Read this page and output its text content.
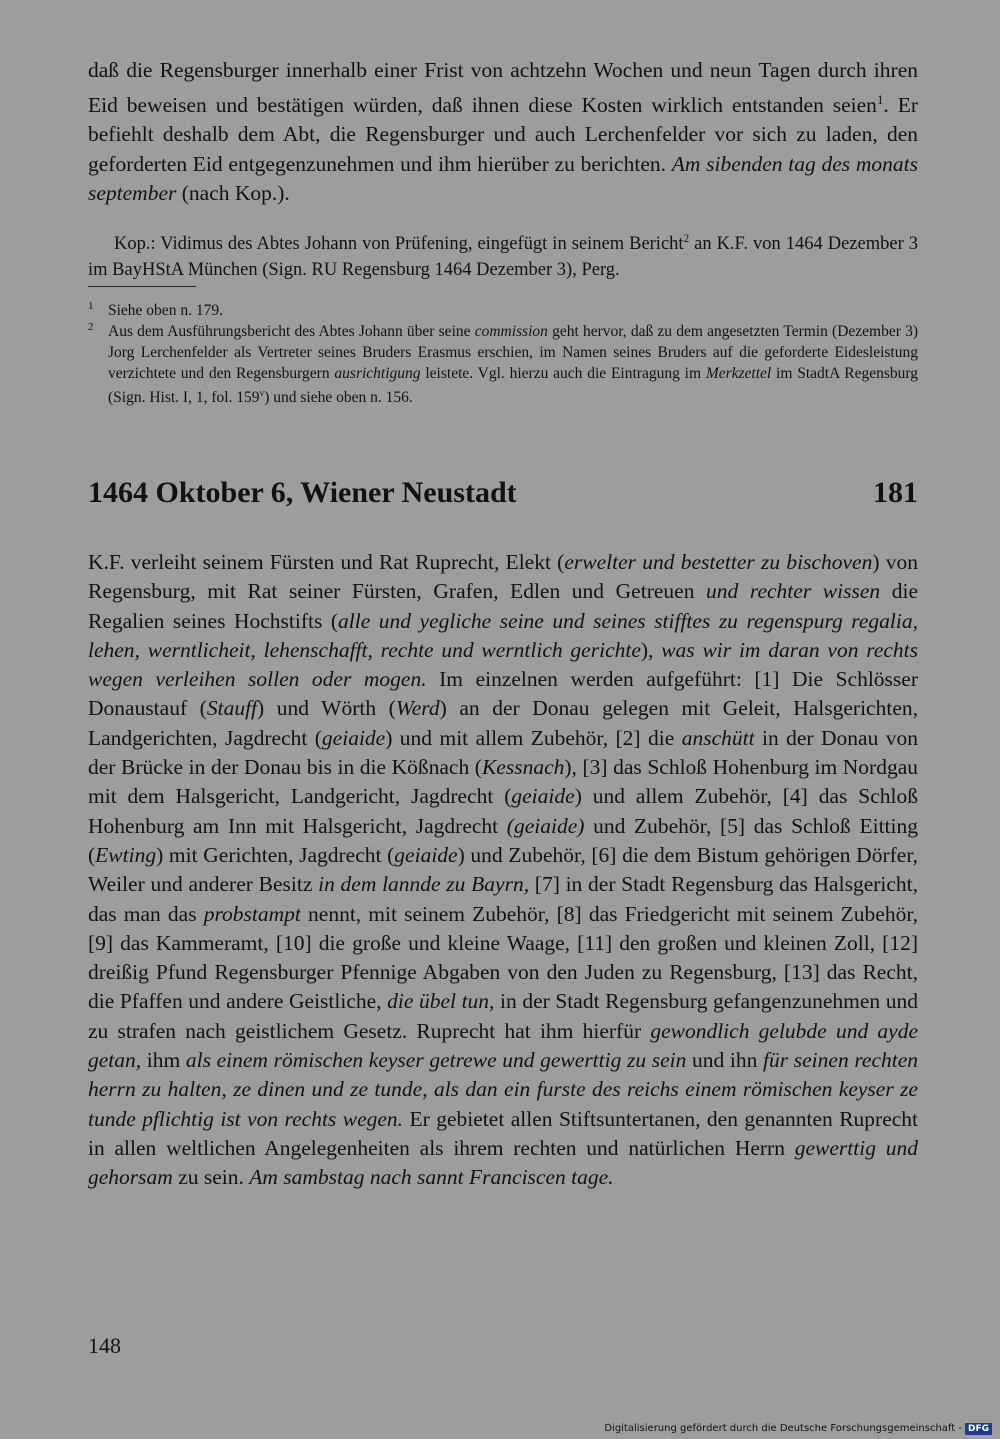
daß die Regensburger innerhalb einer Frist von achtzehn Wochen und neun Tagen durch ihren Eid beweisen und bestätigen würden, daß ihnen diese Kosten wirklich entstanden seien$^1$. Er befiehlt deshalb dem Abt, die Regensburger und auch Lerchenfelder vor sich zu laden, den geforderten Eid entgegenzunehmen und ihm hierüber zu berichten. Am sibenden tag des monats september (nach Kop.).

Kop.: Vidimus des Abtes Johann von Prüfening, eingefügt in seinem Bericht$^2$ an K.F. von 1464 Dezember 3 im BayHStA München (Sign. RU Regensburg 1464 Dezember 3), Perg.

1 Siehe oben n. 179.
2 Aus dem Ausführungsbericht des Abtes Johann über seine commission geht hervor, daß zu dem angesetzten Termin (Dezember 3) Jorg Lerchenfelder als Vertreter seines Bruders Erasmus erschien, im Namen seines Bruders auf die geforderte Eidesleistung verzichtete und den Regensburgern ausrichtigung leistete. Vgl. hierzu auch die Eintragung im Merkzettel im StadtA Regensburg (Sign. Hist. I, 1, fol. 159$^v$) und siehe oben n. 156.
1464 Oktober 6, Wiener Neustadt	181

K.F. verleiht seinem Fürsten und Rat Ruprecht, Elekt (erwelter und bestetter zu bischoven) von Regensburg, mit Rat seiner Fürsten, Grafen, Edlen und Getreuen und rechter wissen die Regalien seines Hochstifts (alle und yegliche seine und seines stifftes zu regenspurg regalia, lehen, werntlicheit, lehenschafft, rechte und werntlich gerichte), was wir im daran von rechts wegen verleihen sollen oder mogen. Im einzelnen werden aufgeführt: [1] Die Schlösser Donaustauf (Stauff) und Wörth (Werd) an der Donau gelegen mit Geleit, Halsgerichten, Landgerichten, Jagdrecht (geiaide) und mit allem Zubehör, [2] die anschütt in der Donau von der Brücke in der Donau bis in die Kößnach (Kessnach), [3] das Schloß Hohenburg im Nordgau mit dem Halsgericht, Landgericht, Jagdrecht (geiaide) und allem Zubehör, [4] das Schloß Hohenburg am Inn mit Halsgericht, Jagdrecht (geiaide) und Zubehör, [5] das Schloß Eitting (Ewting) mit Gerichten, Jagdrecht (geiaide) und Zubehör, [6] die dem Bistum gehörigen Dörfer, Weiler und anderer Besitz in dem lannde zu Bayrn, [7] in der Stadt Regensburg das Halsgericht, das man das probstampt nennt, mit seinem Zubehör, [8] das Friedgericht mit seinem Zubehör, [9] das Kammeramt, [10] die große und kleine Waage, [11] den großen und kleinen Zoll, [12] dreißig Pfund Regensburger Pfennige Abgaben von den Juden zu Regensburg, [13] das Recht, die Pfaffen und andere Geistliche, die übel tun, in der Stadt Regensburg gefangenzunehmen und zu strafen nach geistlichem Gesetz. Ruprecht hat ihm hierfür gewondlich gelubde und ayde getan, ihm als einem römischen keyser getrewe und gewerttig zu sein und ihn für seinen rechten herrn zu halten, ze dinen und ze tunde, als dan ein furste des reichs einem römischen keyser ze tunde pflichtig ist von rechts wegen. Er gebietet allen Stiftsuntertanen, den genannten Ruprecht in allen weltlichen Angelegenheiten als ihrem rechten und natürlichen Herrn gewerttig und gehorsam zu sein. Am sambstag nach sannt Franciscen tage.

148
Digitalisierung gefördert durch die Deutsche Forschungsgemeinschaft - DFG
